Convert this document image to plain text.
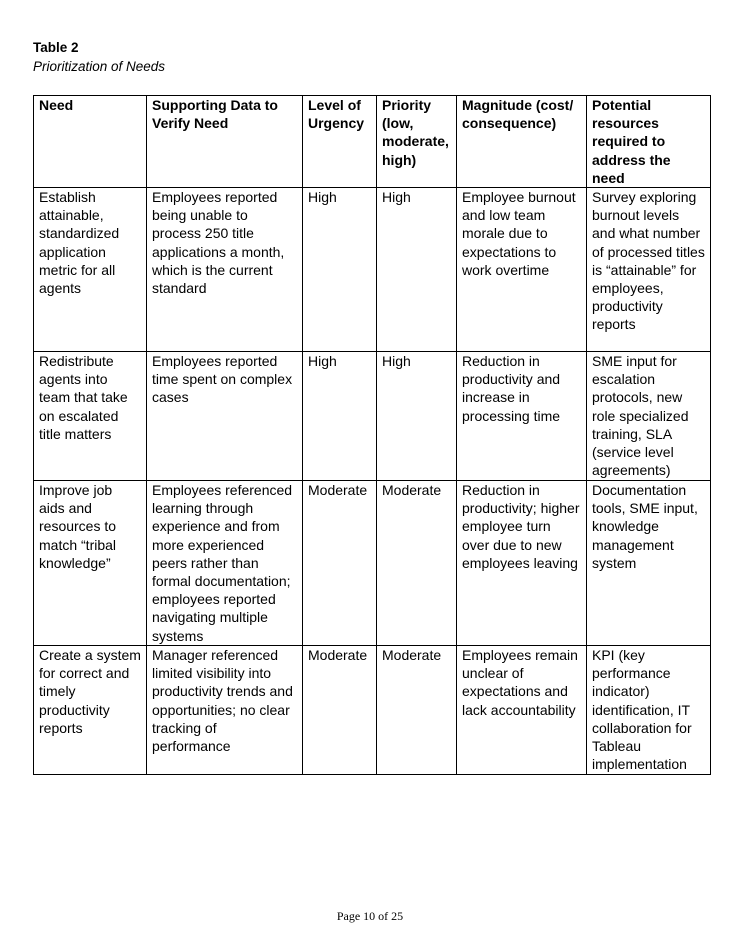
Table 2

Prioritization of Needs

Need	Supporting Data to Verify Need	Level of Urgency	Priority (low, moderate, high)	Magnitude (cost/ consequence)	Potential resources required to address the need
Establish attainable, standardized application metric for all agents	Employees reported being unable to process 250 title applications a month, which is the current standard	High	High	Employee burnout and low team morale due to expectations to work overtime	Survey exploring burnout levels and what number of processed titles is “attainable” for employees, productivity reports
Redistribute agents into team that take on escalated title matters	Employees reported time spent on complex cases	High	High	Reduction in productivity and increase in processing time	SME input for escalation protocols, new role specialized training, SLA (service level agreements)
Improve job aids and resources to match “tribal knowledge”	Employees referenced learning through experience and from more experienced peers rather than formal documentation; employees reported navigating multiple systems	Moderate	Moderate	Reduction in productivity; higher employee turn over due to new employees leaving	Documentation tools, SME input, knowledge management system
Create a system for correct and timely productivity reports	Manager referenced limited visibility into productivity trends and opportunities; no clear tracking of performance	Moderate	Moderate	Employees remain unclear of expectations and lack accountability	KPI (key performance indicator) identification, IT collaboration for Tableau implementation
Page 10 of 25
